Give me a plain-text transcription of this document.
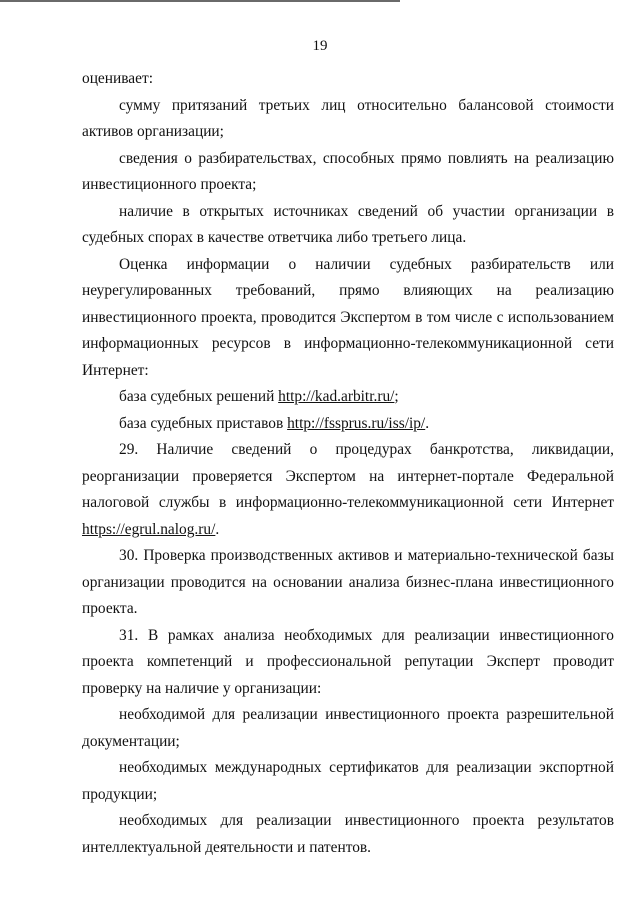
19

оценивает:

сумму притязаний третьих лиц относительно балансовой стоимости активов организации;

сведения о разбирательствах, способных прямо повлиять на реализацию инвестиционного проекта;

наличие в открытых источниках сведений об участии организации в судебных спорах в качестве ответчика либо третьего лица.

Оценка информации о наличии судебных разбирательств или неурегулированных требований, прямо влияющих на реализацию инвестиционного проекта, проводится Экспертом в том числе с использованием информационных ресурсов в информационно-телекоммуникационной сети Интернет:

база судебных решений http://kad.arbitr.ru/;

база судебных приставов http://fssprus.ru/iss/ip/.

29. Наличие сведений о процедурах банкротства, ликвидации, реорганизации проверяется Экспертом на интернет-портале Федеральной налоговой службы в информационно-телекоммуникационной сети Интернет https://egrul.nalog.ru/.

30. Проверка производственных активов и материально-технической базы организации проводится на основании анализа бизнес-плана инвестиционного проекта.

31. В рамках анализа необходимых для реализации инвестиционного проекта компетенций и профессиональной репутации Эксперт проводит проверку на наличие у организации:

необходимой для реализации инвестиционного проекта разрешительной документации;

необходимых международных сертификатов для реализации экспортной продукции;

необходимых для реализации инвестиционного проекта результатов интеллектуальной деятельности и патентов.
